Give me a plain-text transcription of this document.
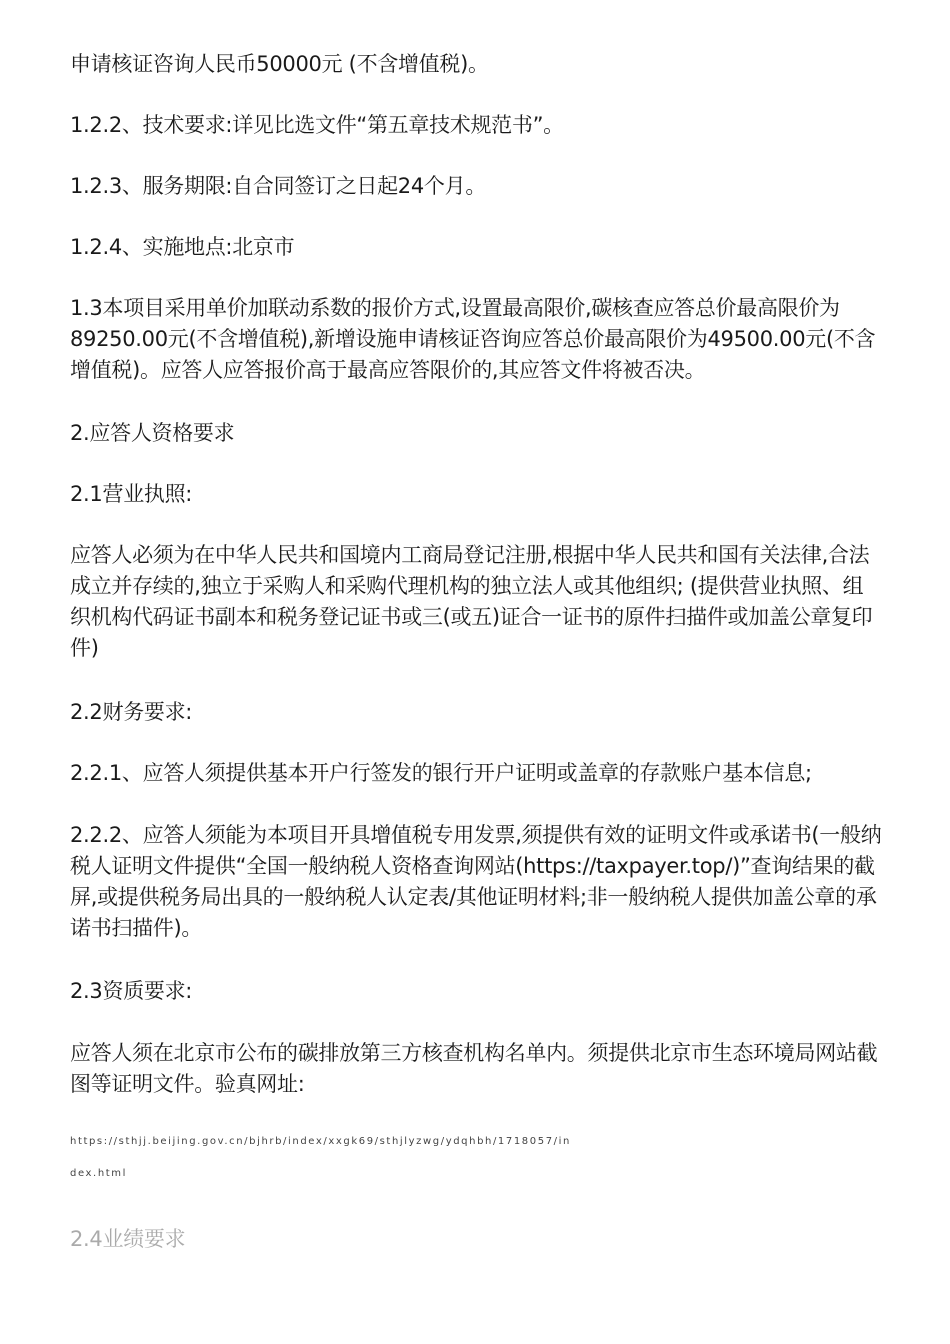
申请核证咨询人民币50000元 (不含增值税)。

1.2.2、技术要求:详见比选文件“第五章技术规范书”。

1.2.3、服务期限:自合同签订之日起24个月。

1.2.4、实施地点:北京市

1.3本项目采用单价加联动系数的报价方式,设置最高限价,碳核查应答总价最高限价为89250.00元(不含增值税),新增设施申请核证咨询应答总价最高限价为49500.00元(不含增值税)。应答人应答报价高于最高应答限价的,其应答文件将被否决。

2.应答人资格要求

2.1营业执照:

应答人必须为在中华人民共和国境内工商局登记注册,根据中华人民共和国有关法律,合法成立并存续的,独立于采购人和采购代理机构的独立法人或其他组织; (提供营业执照、组织机构代码证书副本和税务登记证书或三(或五)证合一证书的原件扫描件或加盖公章复印件)

2.2财务要求:

2.2.1、应答人须提供基本开户行签发的银行开户证明或盖章的存款账户基本信息;

2.2.2、应答人须能为本项目开具增值税专用发票,须提供有效的证明文件或承诺书(一般纳税人证明文件提供“全国一般纳税人资格查询网站(https://taxpayer.top/)”查询结果的截屏,或提供税务局出具的一般纳税人认定表/其他证明材料;非一般纳税人提供加盖公章的承诺书扫描件)。

2.3资质要求:

应答人须在北京市公布的碳排放第三方核查机构名单内。须提供北京市生态环境局网站截图等证明文件。验真网址:

https://sthjj.beijing.gov.cn/bjhrb/index/xxgk69/sthjlyzwg/ydqhbh/1718057/in
dex.html

2.4业绩要求
